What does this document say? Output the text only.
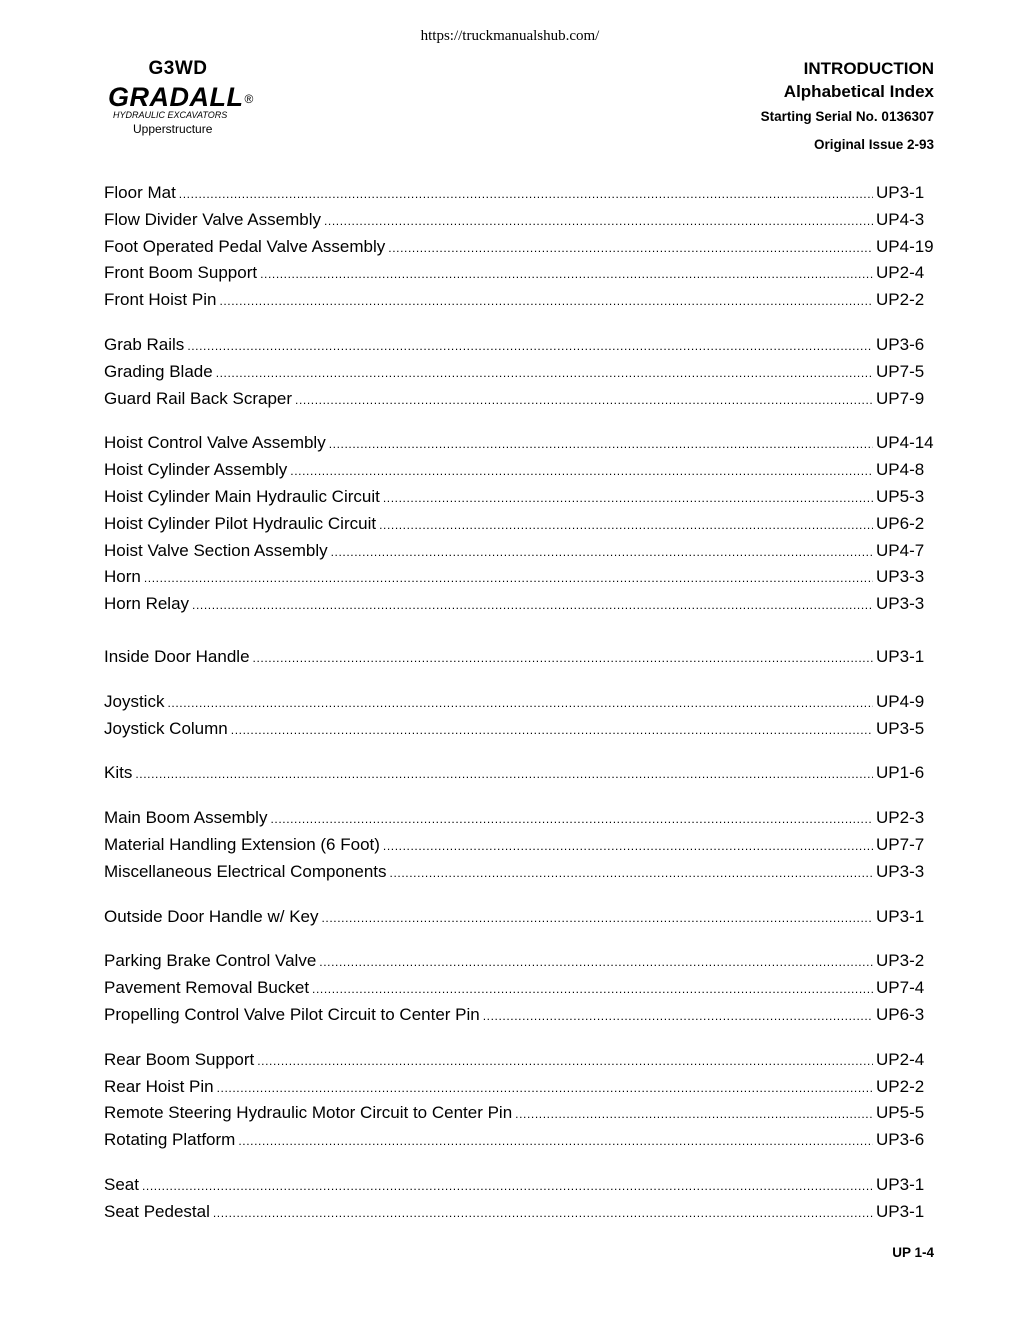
https://truckmanualshub.com/
G3WD
GRADALL®
HYDRAULIC EXCAVATORS
Upperstructure
INTRODUCTION
Alphabetical Index
Starting Serial No. 0136307
Original Issue 2-93
Floor Mat .....	UP3-1
Flow Divider Valve Assembly .....	UP4-3
Foot Operated Pedal Valve Assembly .....	UP4-19
Front Boom Support .....	UP2-4
Front Hoist Pin .....	UP2-2
Grab Rails .....	UP3-6
Grading Blade .....	UP7-5
Guard Rail Back Scraper .....	UP7-9
Hoist Control Valve Assembly .....	UP4-14
Hoist Cylinder Assembly .....	UP4-8
Hoist Cylinder Main Hydraulic Circuit .....	UP5-3
Hoist Cylinder Pilot Hydraulic Circuit .....	UP6-2
Hoist Valve Section Assembly .....	UP4-7
Horn .....	UP3-3
Horn Relay .....	UP3-3
Inside Door Handle .....	UP3-1
Joystick .....	UP4-9
Joystick Column .....	UP3-5
Kits .....	UP1-6
Main Boom Assembly .....	UP2-3
Material Handling Extension (6 Foot) .....	UP7-7
Miscellaneous Electrical Components .....	UP3-3
Outside Door Handle w/ Key .....	UP3-1
Parking Brake Control Valve .....	UP3-2
Pavement Removal Bucket .....	UP7-4
Propelling Control Valve Pilot Circuit to Center Pin .....	UP6-3
Rear Boom Support .....	UP2-4
Rear Hoist Pin .....	UP2-2
Remote Steering Hydraulic Motor Circuit to Center Pin .....	UP5-5
Rotating Platform .....	UP3-6
Seat .....	UP3-1
Seat Pedestal .....	UP3-1
UP 1-4
